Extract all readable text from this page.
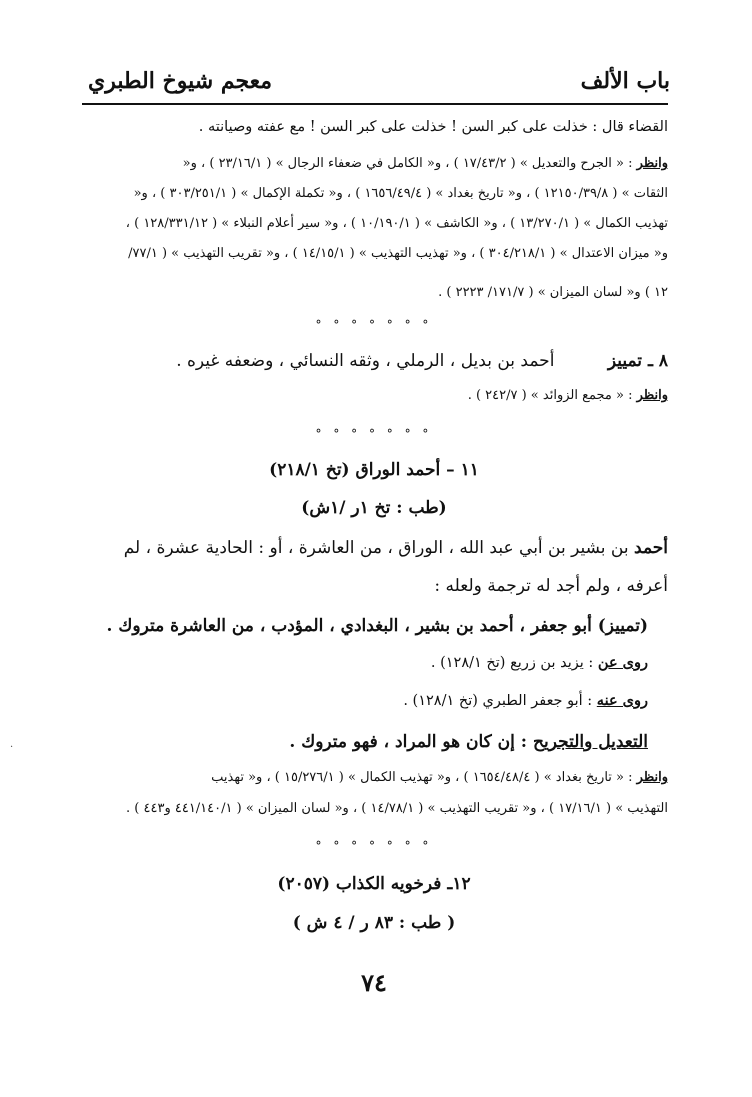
باب الألف
معجم شيوخ الطبري
القضاء قال : خذلت على كبر السن ! خذلت على كبر السن ! مع عفته وصيانته .
وانظر : « الجرح والتعديل » ( ١٧/٤٣/٢ ) ، و« الكامل في ضعفاء الرجال » ( ٢٣/١٦/١ ) ، و«
الثقات » ( ١٢١٥٠/٣٩/٨ ) ، و« تاريخ بغداد » ( ١٦٥٦/٤٩/٤ ) ، و« تكملة الإكمال » ( ٣٠٣/٢٥١/١ ) ، و«
تهذيب الكمال » ( ١٣/٢٧٠/١ ) ، و« الكاشف » ( ١٠/١٩٠/١ ) ، و« سير أعلام النبلاء » ( ١٢٨/٣٣١/١٢ ) ،
و« ميزان الاعتدال » ( ٣٠٤/٢١٨/١ ) ، و« تهذيب التهذيب » ( ١٤/١٥/١ ) ، و« تقريب التهذيب » ( ٧٧/١/
١٢ ) و« لسان الميزان » ( ١٧١/٧/ ٢٢٢٣ ) .
° ° ° ° ° ° °
٨ ـ تمييز أحمد بن بديل ، الرملي ، وثقه النسائي ، وضعفه غيره .
وانظر : « مجمع الزوائد » ( ٢٤٢/٧ ) .
° ° ° ° ° ° °
١١ – أحمد الوراق (تخ ٢١٨/١)
(طب : تخ ١ر /١ش)
أحمد بن بشير بن أبي عبد الله ، الوراق ، من العاشرة ، أو : الحادية عشرة ، لم
أعرفه ، ولم أجد له ترجمة ولعله :
(تمييز) أبو جعفر ، أحمد بن بشير ، البغدادي ، المؤدب ، من العاشرة متروك .
روى عن : يزيد بن زريع (تخ ١٢٨/١) .
روى عنه : أبو جعفر الطبري (تخ ١٢٨/١) .
التعديل والتجريح : إن كان هو المراد ، فهو متروك .
وانظر : « تاريخ بغداد » ( ١٦٥٤/٤٨/٤ ) ، و« تهذيب الكمال » ( ١٥/٢٧٦/١ ) ، و« تهذيب
التهذيب » ( ١٧/١٦/١ ) ، و« تقريب التهذيب » ( ١٤/٧٨/١ ) ، و« لسان الميزان » ( ٤٤١/١٤٠/١ و٤٤٣ ) .
° ° ° ° ° ° °
١٢ـ فرخويه الكذاب (٢٠٥٧)
( طب : ٨٣ ر / ٤ ش )
٧٤
·
